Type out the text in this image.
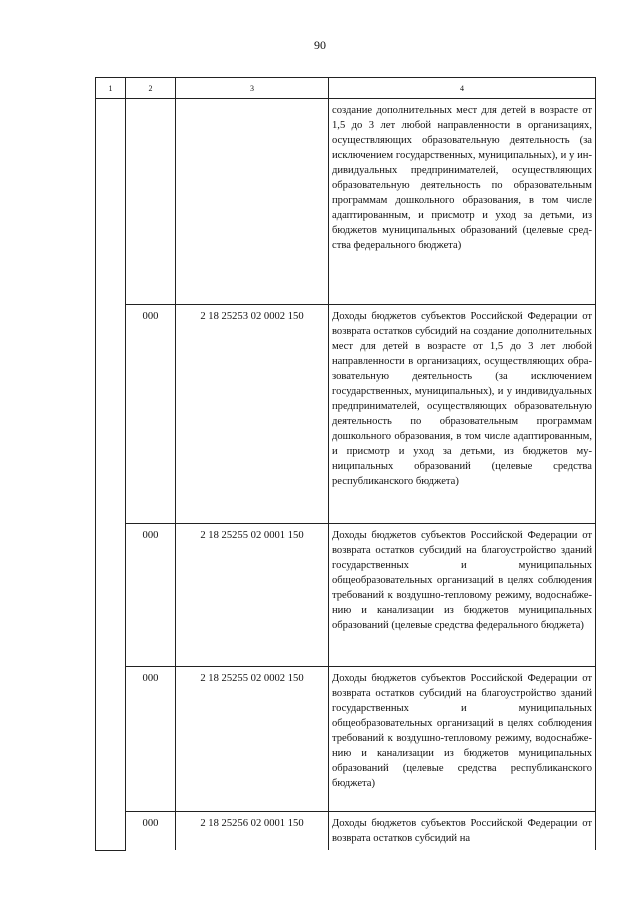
90
1	2	3	4
			создание дополнительных мест для детей в возрасте от 1,5 до 3 лет любой направленности в организациях, осуществляющих образовательную деятельность (за исключением государственных, муниципальных), и у индивидуальных предпринимателей, осуществляющих образовательную деятельность по образовательным программам дошкольного образования, в том числе адаптированным, и присмотр и уход за детьми, из бюджетов муниципальных образований (целевые средства федерального бюджета)
	000	2 18 25253 02 0002 150	Доходы бюджетов субъектов Российской Федерации от возврата остатков субсидий на создание дополнительных мест для детей в возрасте от 1,5 до 3 лет любой направленности в организациях, осуществляющих образовательную деятельность (за исключением государственных, муниципальных), и у индивидуальных предпринимателей, осуществляющих образовательную деятельность по образовательным программам дошкольного образования, в том числе адаптированным, и присмотр и уход за детьми, из бюджетов муниципальных образований (целевые средства республиканского бюджета)
	000	2 18 25255 02 0001 150	Доходы бюджетов субъектов Российской Федерации от возврата остатков субсидий на благоустройство зданий государственных и муниципальных общеобразовательных организаций в целях соблюдения требований к воздушно-тепловому режиму, водоснабжению и канализации из бюджетов муниципальных образований (целевые средства федерального бюджета)
	000	2 18 25255 02 0002 150	Доходы бюджетов субъектов Российской Федерации от возврата остатков субсидий на благоустройство зданий государственных и муниципальных общеобразовательных организаций в целях соблюдения требований к воздушно-тепловому режиму, водоснабжению и канализации из бюджетов муниципальных образований (целевые средства республиканского бюджета)
	000	2 18 25256 02 0001 150	Доходы бюджетов субъектов Российской Федерации от возврата остатков субсидий на
